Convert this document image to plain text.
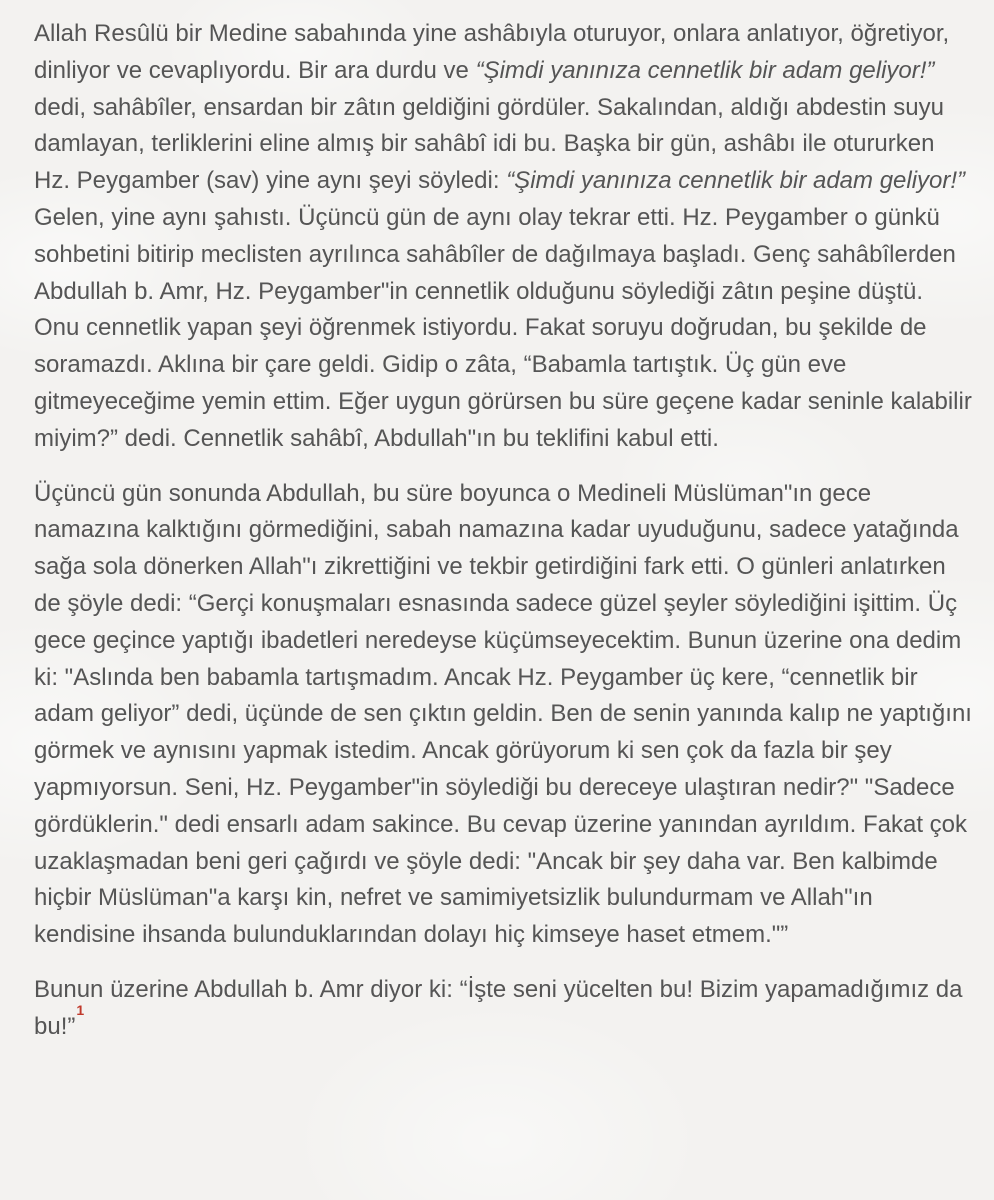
Allah Resûlü bir Medine sabahında yine ashâbıyla oturuyor, onlara anlatıyor, öğretiyor, dinliyor ve cevaplıyordu. Bir ara durdu ve “Şimdi yanınıza cennetlik bir adam geliyor!” dedi, sahâbîler, ensardan bir zâtın geldiğini gördüler. Sakalından, aldığı abdestin suyu damlayan, terliklerini eline almış bir sahâbî idi bu. Başka bir gün, ashâbı ile otururken Hz. Peygamber (sav) yine aynı şeyi söyledi: “Şimdi yanınıza cennetlik bir adam geliyor!” Gelen, yine aynı şahıstı. Üçüncü gün de aynı olay tekrar etti. Hz. Peygamber o günkü sohbetini bitirip meclisten ayrılınca sahâbîler de dağılmaya başladı. Genç sahâbîlerden Abdullah b. Amr, Hz. Peygamber"in cennetlik olduğunu söylediği zâtın peşine düştü. Onu cennetlik yapan şeyi öğrenmek istiyordu. Fakat soruyu doğrudan, bu şekilde de soramazdı. Aklına bir çare geldi. Gidip o zâta, “Babamla tartıştık. Üç gün eve gitmeyeceğime yemin ettim. Eğer uygun görürsen bu süre geçene kadar seninle kalabilir miyim?” dedi. Cennetlik sahâbî, Abdullah"ın bu teklifini kabul etti.

Üçüncü gün sonunda Abdullah, bu süre boyunca o Medineli Müslüman"ın gece namazına kalktığını görmediğini, sabah namazına kadar uyuduğunu, sadece yatağında sağa sola dönerken Allah"ı zikrettiğini ve tekbir getirdiğini fark etti. O günleri anlatırken de şöyle dedi: “Gerçi konuşmaları esnasında sadece güzel şeyler söylediğini işittim. Üç gece geçince yaptığı ibadetleri neredeyse küçümseyecektim. Bunun üzerine ona dedim ki: "Aslında ben babamla tartışmadım. Ancak Hz. Peygamber üç kere, “cennetlik bir adam geliyor” dedi, üçünde de sen çıktın geldin. Ben de senin yanında kalıp ne yaptığını görmek ve aynısını yapmak istedim. Ancak görüyorum ki sen çok da fazla bir şey yapmıyorsun. Seni, Hz. Peygamber"in söylediği bu dereceye ulaştıran nedir?" "Sadece gördüklerin." dedi ensarlı adam sakince. Bu cevap üzerine yanından ayrıldım. Fakat çok uzaklaşmadan beni geri çağırdı ve şöyle dedi: "Ancak bir şey daha var. Ben kalbimde hiçbir Müslüman"a karşı kin, nefret ve samimiyetsizlik bulundurmam ve Allah"ın kendisine ihsanda bulunduklarından dolayı hiç kimseye haset etmem."”

Bunun üzerine Abdullah b. Amr diyor ki: “İşte seni yücelten bu! Bizim yapamadığımız da bu!”$^1$
